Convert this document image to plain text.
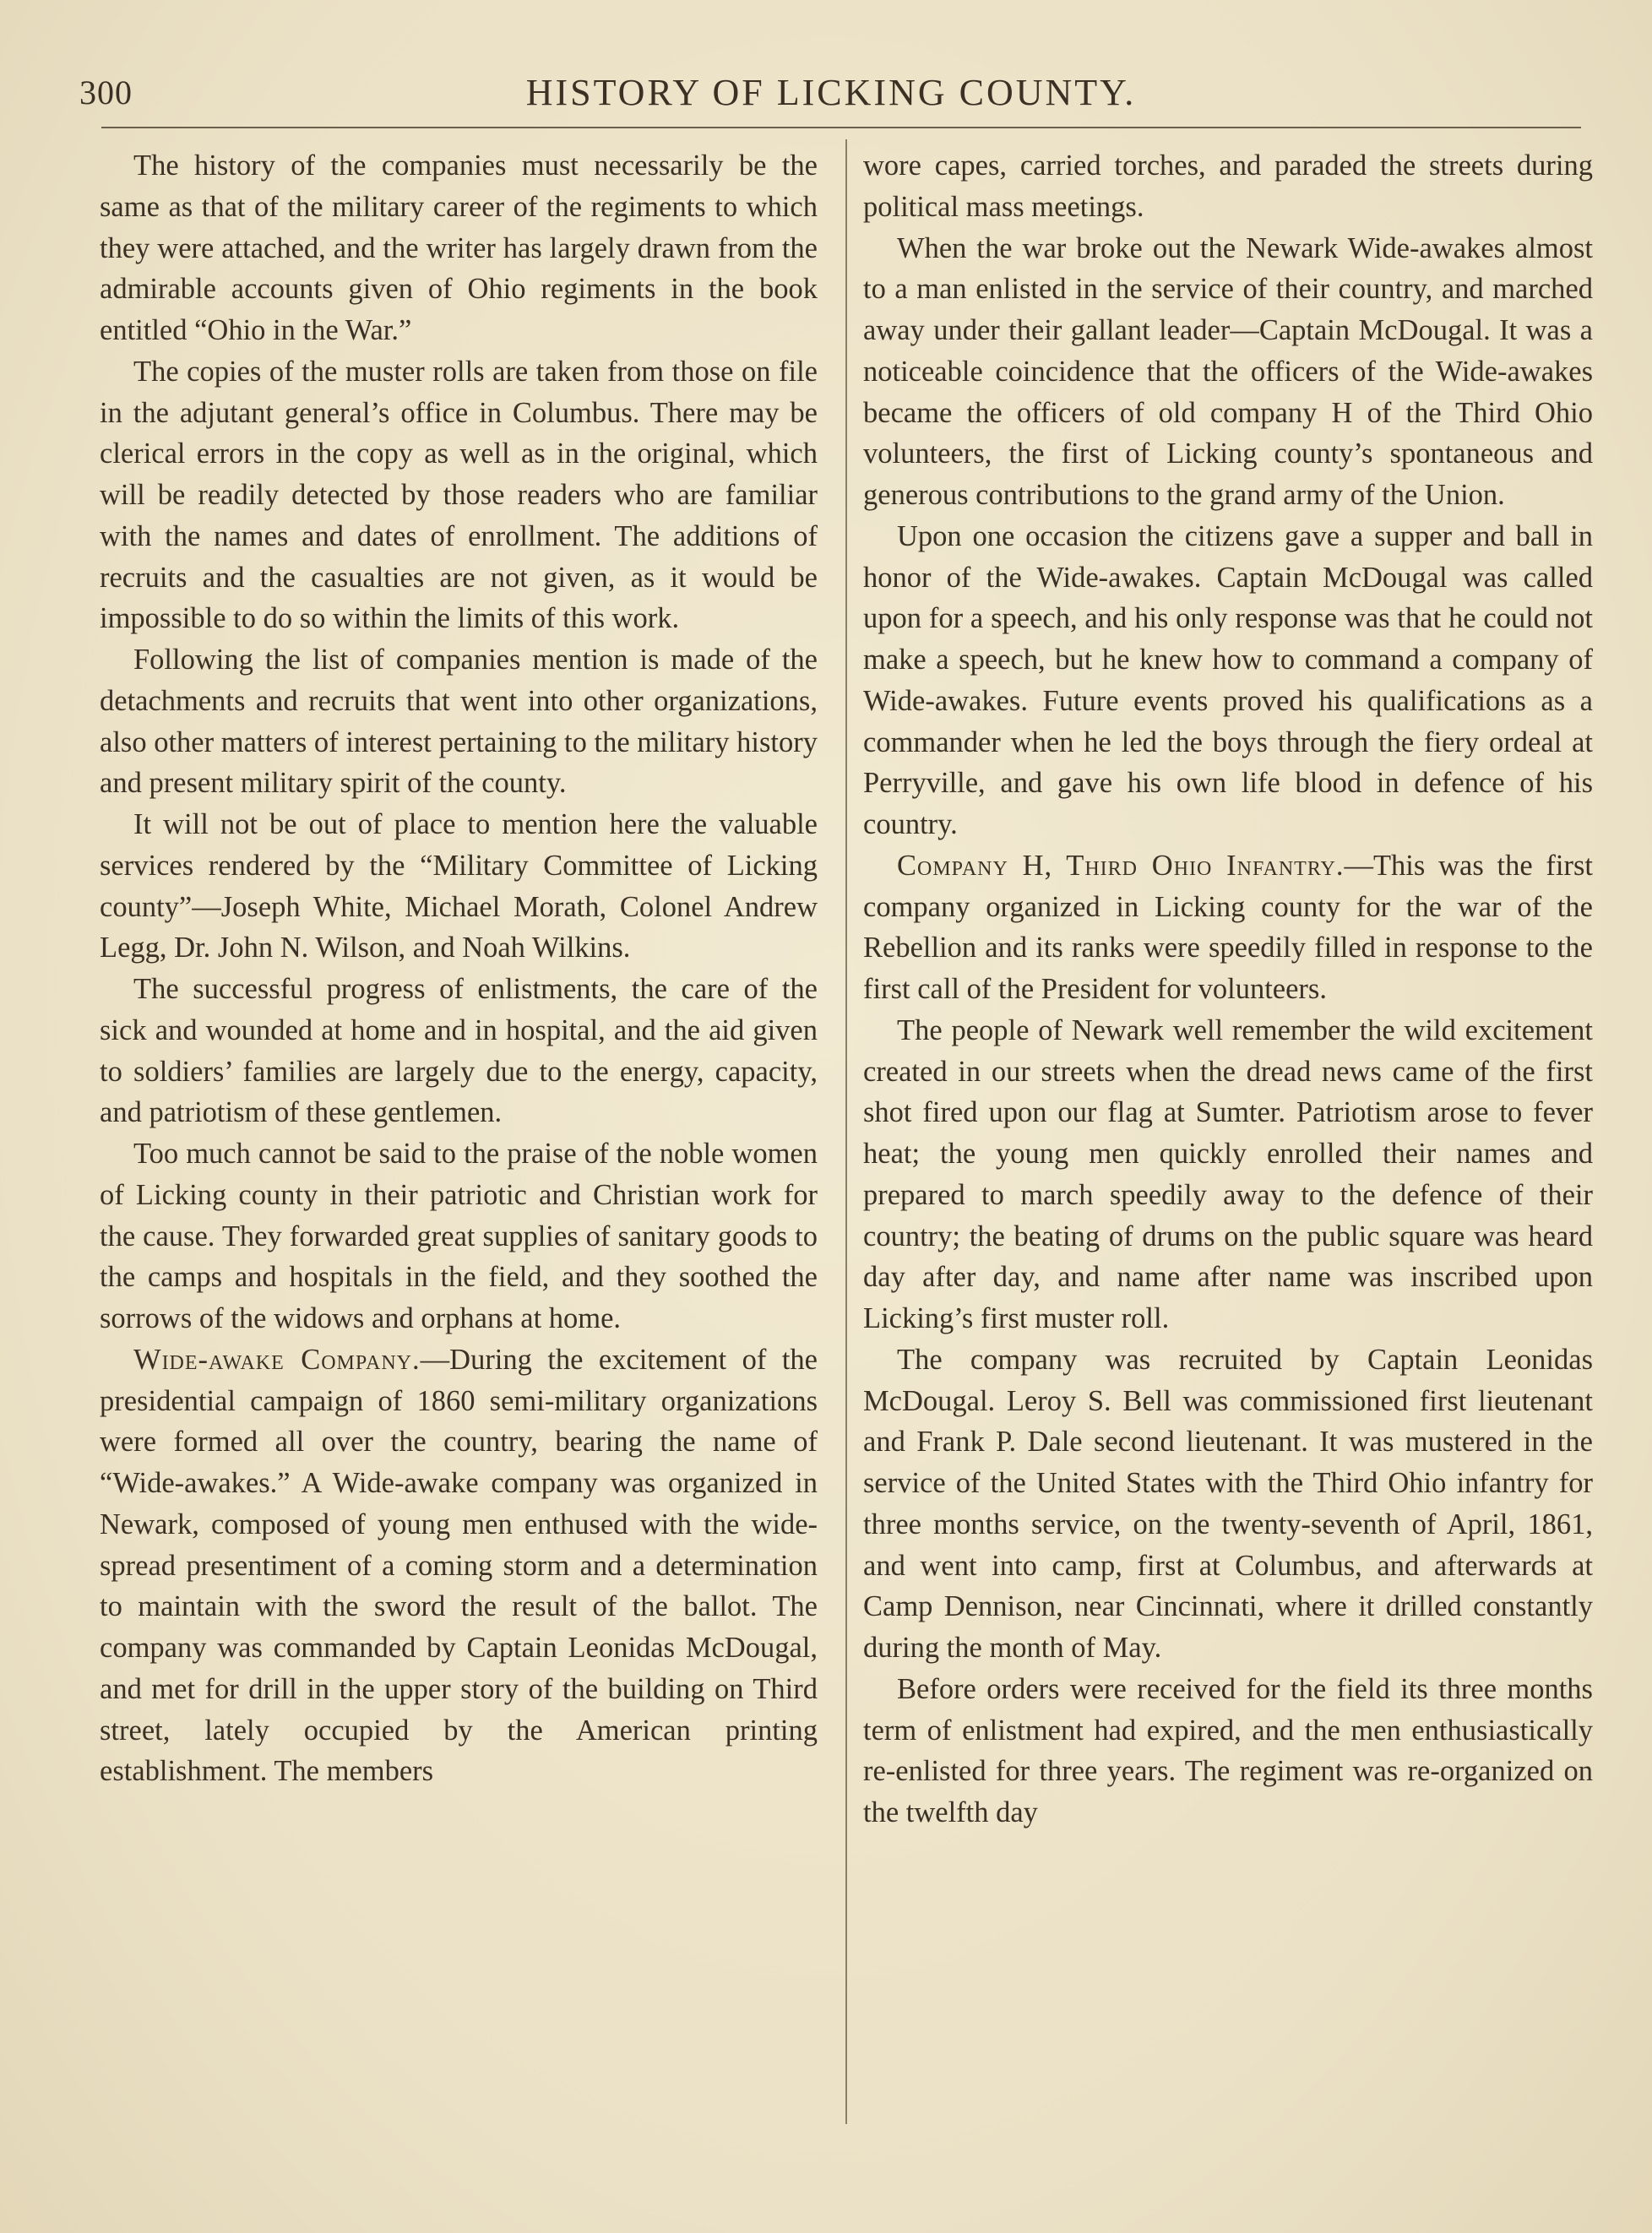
300	HISTORY OF LICKING COUNTY.

The history of the companies must necessarily be the same as that of the military career of the regiments to which they were attached, and the writer has largely drawn from the admirable accounts given of Ohio regiments in the book entitled “Ohio in the War.”

The copies of the muster rolls are taken from those on file in the adjutant general’s office in Columbus. There may be clerical errors in the copy as well as in the original, which will be readily detected by those readers who are familiar with the names and dates of enrollment. The additions of recruits and the casualties are not given, as it would be impossible to do so within the limits of this work.

Following the list of companies mention is made of the detachments and recruits that went into other organizations, also other matters of interest pertaining to the military history and present military spirit of the county.

It will not be out of place to mention here the valuable services rendered by the “Military Committee of Licking county”—Joseph White, Michael Morath, Colonel Andrew Legg, Dr. John N. Wilson, and Noah Wilkins.

The successful progress of enlistments, the care of the sick and wounded at home and in hospital, and the aid given to soldiers’ families are largely due to the energy, capacity, and patriotism of these gentlemen.

Too much cannot be said to the praise of the noble women of Licking county in their patriotic and Christian work for the cause. They forwarded great supplies of sanitary goods to the camps and hospitals in the field, and they soothed the sorrows of the widows and orphans at home.

Wide-awake Company.—During the excitement of the presidential campaign of 1860 semi-military organizations were formed all over the country, bearing the name of “Wide-awakes.” A Wide-awake company was organized in Newark, composed of young men enthused with the wide-spread presentiment of a coming storm and a determination to maintain with the sword the result of the ballot. The company was commanded by Captain Leonidas McDougal, and met for drill in the upper story of the building on Third street, lately occupied by the American printing establishment. The members

wore capes, carried torches, and paraded the streets during political mass meetings.

When the war broke out the Newark Wide-awakes almost to a man enlisted in the service of their country, and marched away under their gallant leader—Captain McDougal. It was a noticeable coincidence that the officers of the Wide-awakes became the officers of old company H of the Third Ohio volunteers, the first of Licking county’s spontaneous and generous contributions to the grand army of the Union.

Upon one occasion the citizens gave a supper and ball in honor of the Wide-awakes. Captain McDougal was called upon for a speech, and his only response was that he could not make a speech, but he knew how to command a company of Wide-awakes. Future events proved his qualifications as a commander when he led the boys through the fiery ordeal at Perryville, and gave his own life blood in defence of his country.

Company H, Third Ohio Infantry.—This was the first company organized in Licking county for the war of the Rebellion and its ranks were speedily filled in response to the first call of the President for volunteers.

The people of Newark well remember the wild excitement created in our streets when the dread news came of the first shot fired upon our flag at Sumter. Patriotism arose to fever heat; the young men quickly enrolled their names and prepared to march speedily away to the defence of their country; the beating of drums on the public square was heard day after day, and name after name was inscribed upon Licking’s first muster roll.

The company was recruited by Captain Leonidas McDougal. Leroy S. Bell was commissioned first lieutenant and Frank P. Dale second lieutenant. It was mustered in the service of the United States with the Third Ohio infantry for three months service, on the twenty-seventh of April, 1861, and went into camp, first at Columbus, and afterwards at Camp Dennison, near Cincinnati, where it drilled constantly during the month of May.

Before orders were received for the field its three months term of enlistment had expired, and the men enthusiastically re-enlisted for three years. The regiment was re-organized on the twelfth day
